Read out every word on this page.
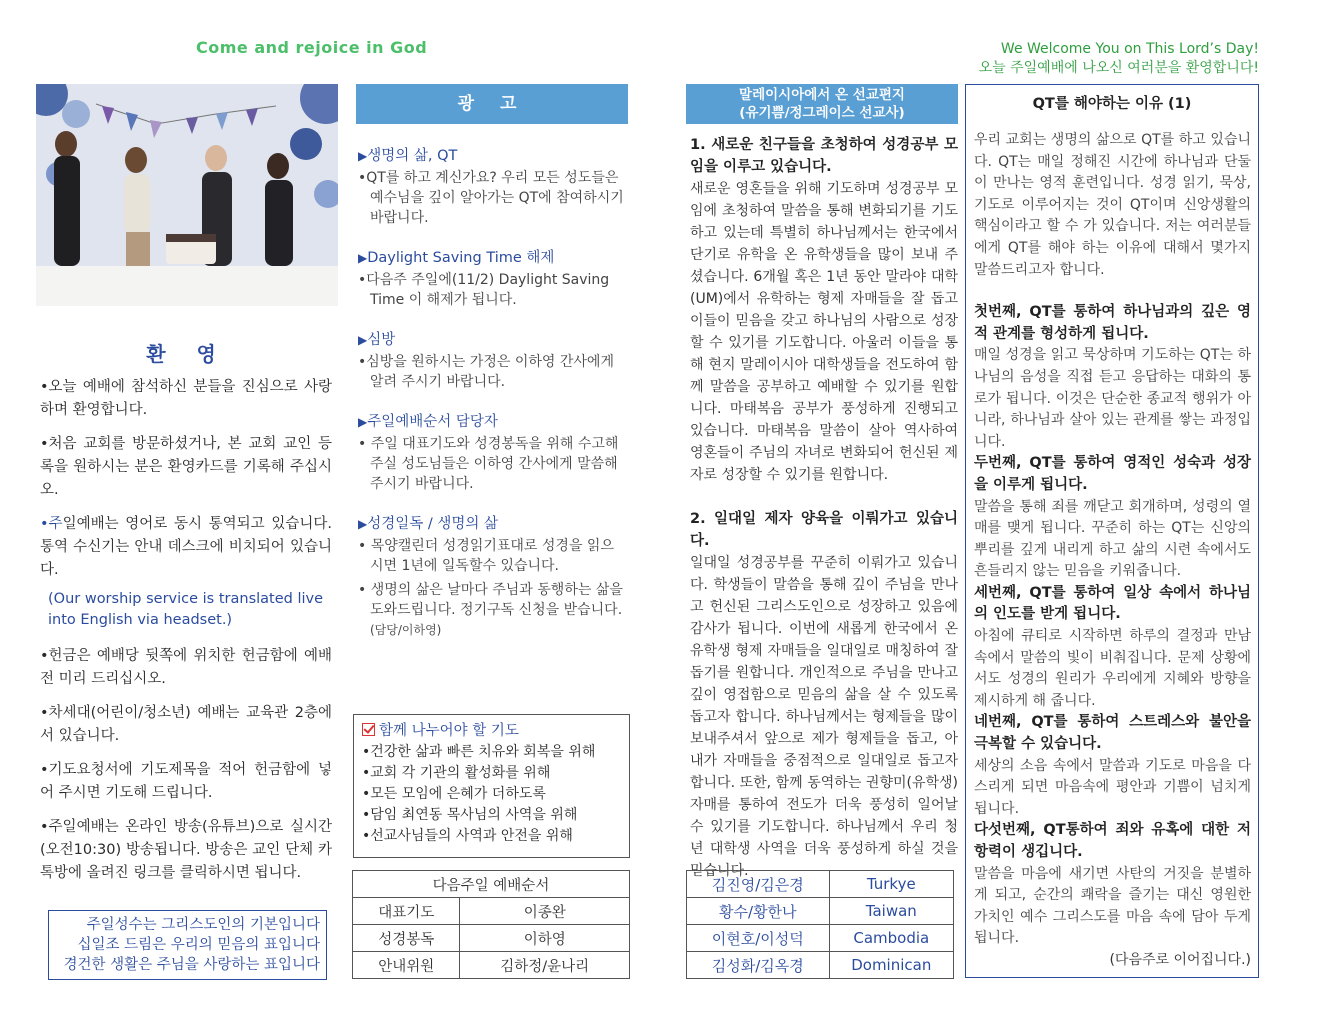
Come and rejoice in God	We Welcome You on This Lord’s Day!
오늘 주일예배에 나오신 여러분을 환영합니다!
환 영
•오늘 예배에 참석하신 분들을 진심으로 사랑하며 환영합니다.
•처음 교회를 방문하셨거나, 본 교회 교인 등록을 원하시는 분은 환영카드를 기록해 주십시오.
•주일예배는 영어로 동시 통역되고 있습니다. 통역 수신기는 안내 데스크에 비치되어 있습니다.
(Our worship service is translated live into English via headset.)
•헌금은 예배당 뒷쪽에 위치한 헌금함에 예배전 미리 드리십시오.
•차세대(어린이/청소년) 예배는 교육관 2층에서 있습니다.
•기도요청서에 기도제목을 적어 헌금함에 넣어 주시면 기도해 드립니다.
•주일예배는 온라인 방송(유튜브)으로 실시간 (오전10:30) 방송됩니다. 방송은 교인 단체 카톡방에 올려진 링크를 클릭하시면 됩니다.
주일성수는 그리스도인의 기본입니다
십일조 드림은 우리의 믿음의 표입니다
경건한 생활은 주님을 사랑하는 표입니다
광 고
▶생명의 삶, QT
•QT를 하고 계신가요? 우리 모든 성도들은 예수님을 깊이 알아가는 QT에 참여하시기 바랍니다.
▶Daylight Saving Time 해제
•다음주 주일에(11/2) Daylight Saving Time 이 해제가 됩니다.
▶심방
•심방을 원하시는 가정은 이하영 간사에게 알려 주시기 바랍니다.
▶주일예배순서 담당자
• 주일 대표기도와 성경봉독을 위해 수고해 주실 성도님들은 이하영 간사에게 말씀해 주시기 바랍니다.
▶성경일독 / 생명의 삶
• 목양캘린더 성경읽기표대로 성경을 읽으시면 1년에 일독할수 있습니다.
• 생명의 삶은 날마다 주님과 동행하는 삶을 도와드립니다. 정기구독 신청을 받습니다. (담당/이하영)
함께 나누어야 할 기도
•건강한 삶과 빠른 치유와 회복을 위해
•교회 각 기관의 활성화를 위해
•모든 모임에 은혜가 더하도록
•담임 최연동 목사님의 사역을 위해
•선교사님들의 사역과 안전을 위해
다음주일 예배순서	
대표기도	이종완
성경봉독	이하영
안내위원	김하정/윤나리
말레이시아에서 온 선교편지
(유기쁨/정그레이스 선교사)

1. 새로운 친구들을 초청하여 성경공부 모임을 이루고 있습니다.

새로운 영혼들을 위해 기도하며 성경공부 모임에 초청하여 말씀을 통해 변화되기를 기도하고 있는데 특별히 하나님께서는 한국에서 단기로 유학을 온 유학생들을 많이 보내 주셨습니다. 6개월 혹은 1년 동안 말라야 대학(UM)에서 유학하는 형제 자매들을 잘 돕고 이들이 믿음을 갖고 하나님의 사람으로 성장할 수 있기를 기도합니다. 아울러 이들을 통해 현지 말레이시아 대학생들을 전도하여 함께 말씀을 공부하고 예배할 수 있기를 원합니다. 마태복음 공부가 풍성하게 진행되고 있습니다. 마태복음 말씀이 살아 역사하여 영혼들이 주님의 자녀로 변화되어 헌신된 제자로 성장할 수 있기를 원합니다.

2. 일대일 제자 양육을 이뤄가고 있습니다.

일대일 성경공부를 꾸준히 이뤄가고 있습니다. 학생들이 말씀을 통해 깊이 주님을 만나고 헌신된 그리스도인으로 성장하고 있음에 감사가 됩니다. 이번에 새롭게 한국에서 온 유학생 형제 자매들을 일대일로 매칭하여 잘 돕기를 원합니다. 개인적으로 주님을 만나고 깊이 영접함으로 믿음의 삶을 살 수 있도록 돕고자 합니다. 하나님께서는 형제들을 많이 보내주셔서 앞으로 제가 형제들을 돕고, 아내가 자매들을 중점적으로 일대일로 돕고자 합니다. 또한, 함께 동역하는 권향미(유학생) 자매를 통하여 전도가 더욱 풍성히 일어날 수 있기를 기도합니다. 하나님께서 우리 청년 대학생 사역을 더욱 풍성하게 하실 것을 믿습니다.

김진영/김은경	Turkye
황수/황한나	Taiwan
이현호/이성덕	Cambodia
김성화/김옥경	Dominican
QT를 해야하는 이유 (1)

우리 교회는 생명의 삶으로 QT를 하고 있습니다. QT는 매일 정해진 시간에 하나님과 단둘이 만나는 영적 훈련입니다. 성경 읽기, 묵상, 기도로 이루어지는 것이 QT이며 신앙생활의 핵심이라고 할 수 가 있습니다. 저는 여러분들에게 QT를 해야 하는 이유에 대해서 몇가지 말씀드리고자 합니다.

첫번째, QT를 통하여 하나님과의 깊은 영적 관계를 형성하게 됩니다.

매일 성경을 읽고 묵상하며 기도하는 QT는 하나님의 음성을 직접 듣고 응답하는 대화의 통로가 됩니다. 이것은 단순한 종교적 행위가 아니라, 하나님과 살아 있는 관계를 쌓는 과정입니다.

두번째, QT를 통하여 영적인 성숙과 성장을 이루게 됩니다.

말씀을 통해 죄를 깨닫고 회개하며, 성령의 열매를 맺게 됩니다. 꾸준히 하는 QT는 신앙의 뿌리를 깊게 내리게 하고 삶의 시련 속에서도 흔들리지 않는 믿음을 키워줍니다.

세번째, QT를 통하여 일상 속에서 하나님의 인도를 받게 됩니다.

아침에 큐티로 시작하면 하루의 결정과 만남 속에서 말씀의 빛이 비춰집니다. 문제 상황에서도 성경의 원리가 우리에게 지혜와 방향을 제시하게 해 줍니다.

네번째, QT를 통하여 스트레스와 불안을 극복할 수 있습니다.

세상의 소음 속에서 말씀과 기도로 마음을 다스리게 되면 마음속에 평안과 기쁨이 넘치게 됩니다.

다섯번째, QT통하여 죄와 유혹에 대한 저항력이 생깁니다.

말씀을 마음에 새기면 사탄의 거짓을 분별하게 되고, 순간의 쾌락을 즐기는 대신 영원한 가치인 예수 그리스도를 마음 속에 담아 두게 됩니다.

(다음주로 이어집니다.)
